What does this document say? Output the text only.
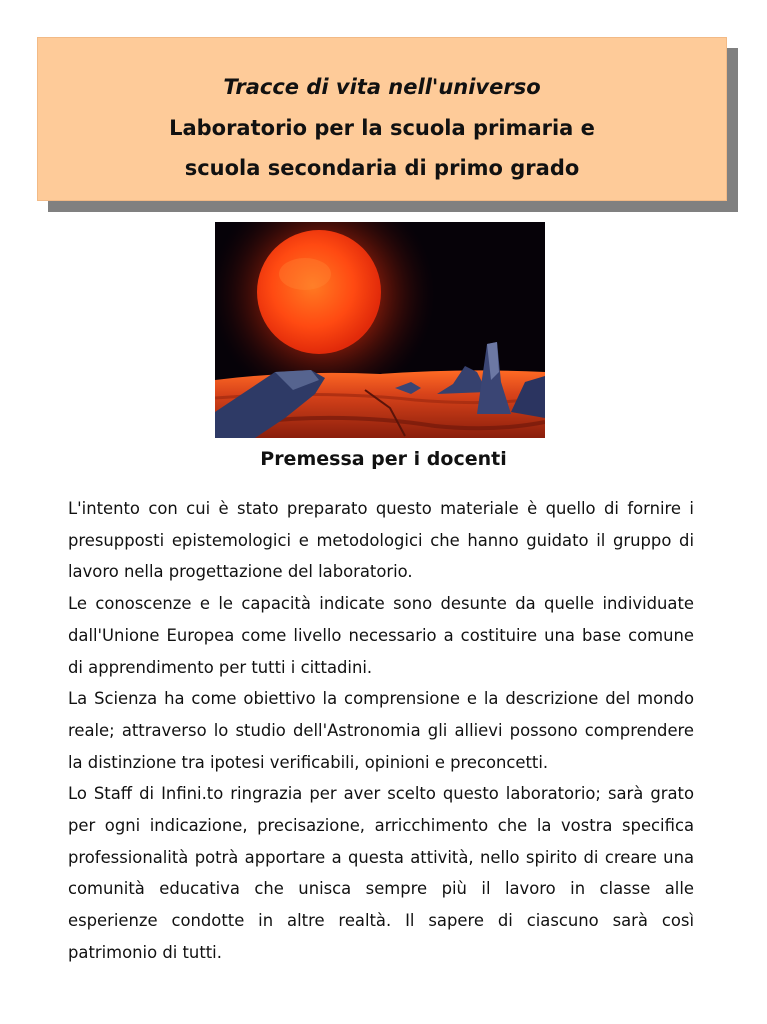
Tracce di vita nell'universo
Laboratorio per la scuola primaria e
scuola secondaria di primo grado
Premessa per i docenti

L'intento con cui è stato preparato questo materiale è quello di fornire i presupposti epistemologici e metodologici che hanno guidato il gruppo di lavoro nella progettazione del laboratorio.

Le conoscenze e le capacità indicate sono desunte da quelle individuate dall'Unione Europea come livello necessario a costituire una base comune di apprendimento per tutti i cittadini.

La Scienza ha come obiettivo la comprensione e la descrizione del mondo reale; attraverso lo studio dell'Astronomia gli allievi possono comprendere la distinzione tra ipotesi verificabili, opinioni e preconcetti.

Lo Staff di Infini.to ringrazia per aver scelto questo laboratorio; sarà grato per ogni indicazione, precisazione, arricchimento che la vostra specifica professionalità potrà apportare a questa attività, nello spirito di creare una comunità educativa che unisca sempre più il lavoro in classe alle esperienze condotte in altre realtà. Il sapere di ciascuno sarà così patrimonio di tutti.
